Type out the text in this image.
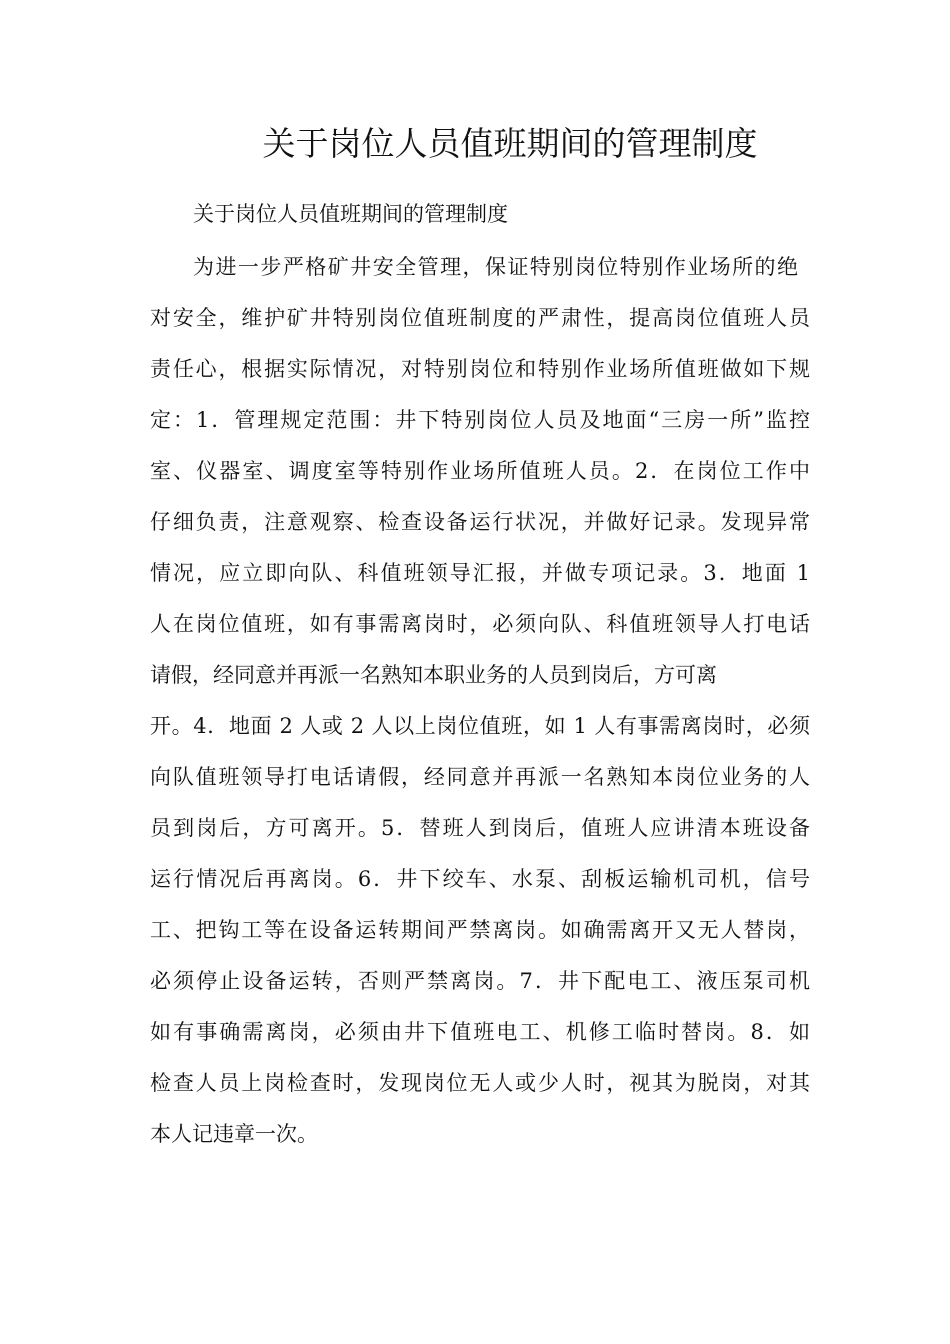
关于岗位人员值班期间的管理制度
关于岗位人员值班期间的管理制度
为进一步严格矿井安全管理，保证特别岗位特别作业场所的绝
对安全，维护矿井特别岗位值班制度的严肃性，提高岗位值班人员
责任心，根据实际情况，对特别岗位和特别作业场所值班做如下规
定：1．管理规定范围：井下特别岗位人员及地面“三房一所”监控
室、仪器室、调度室等特别作业场所值班人员。2．在岗位工作中
仔细负责，注意观察、检查设备运行状况，并做好记录。发现异常
情况，应立即向队、科值班领导汇报，并做专项记录。3．地面 1
人在岗位值班，如有事需离岗时，必须向队、科值班领导人打电话
请假，经同意并再派一名熟知本职业务的人员到岗后，方可离
开。4．地面 2 人或 2 人以上岗位值班，如 1 人有事需离岗时，必须
向队值班领导打电话请假，经同意并再派一名熟知本岗位业务的人
员到岗后，方可离开。5．替班人到岗后，值班人应讲清本班设备
运行情况后再离岗。6．井下绞车、水泵、刮板运输机司机，信号
工、把钩工等在设备运转期间严禁离岗。如确需离开又无人替岗，
必须停止设备运转，否则严禁离岗。7．井下配电工、液压泵司机
如有事确需离岗，必须由井下值班电工、机修工临时替岗。8．如
检查人员上岗检查时，发现岗位无人或少人时，视其为脱岗，对其
本人记违章一次。
